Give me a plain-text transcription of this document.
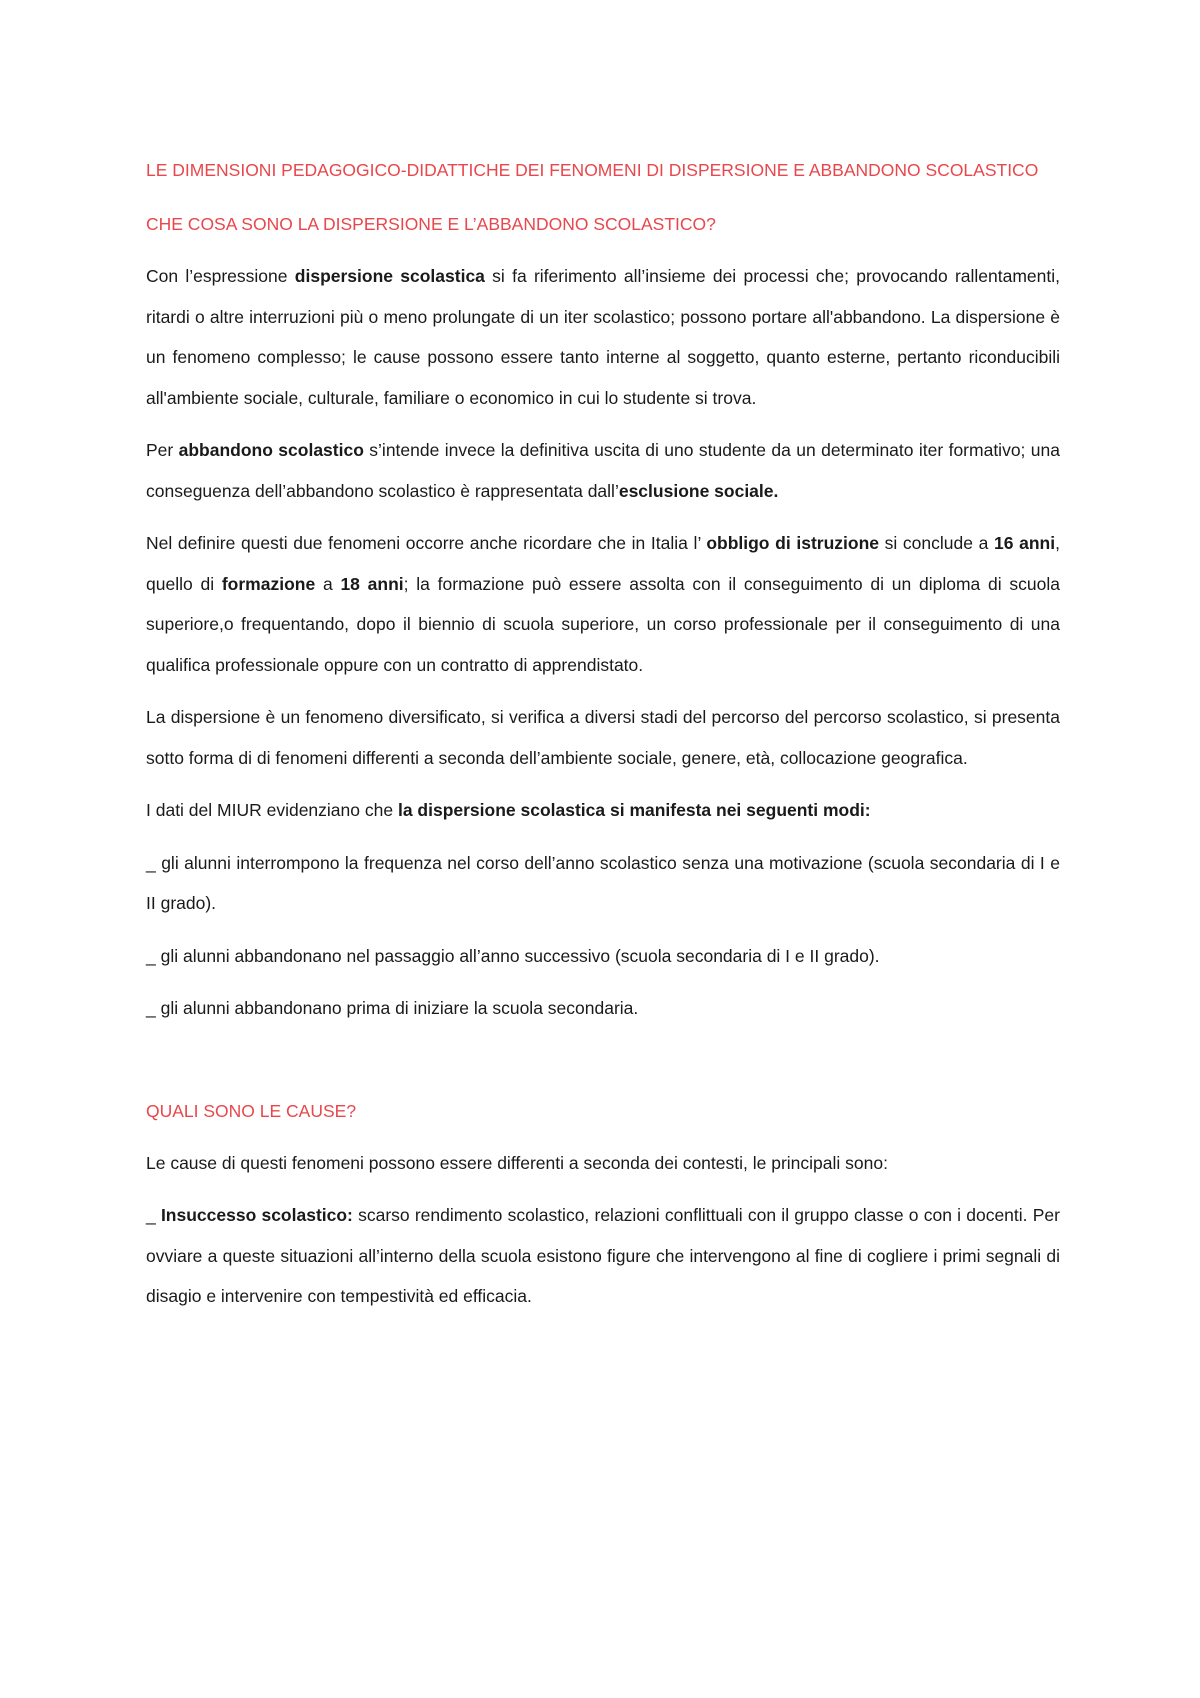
LE DIMENSIONI PEDAGOGICO-DIDATTICHE DEI FENOMENI DI DISPERSIONE E ABBANDONO SCOLASTICO
CHE COSA SONO LA DISPERSIONE E L’ABBANDONO SCOLASTICO?

Con l’espressione dispersione scolastica si fa riferimento all’insieme dei processi che; provocando rallentamenti, ritardi o altre interruzioni più o meno prolungate di un iter scolastico; possono portare all'abbandono. La dispersione è un fenomeno complesso; le cause possono essere tanto interne al soggetto, quanto esterne, pertanto riconducibili all'ambiente sociale, culturale, familiare o economico in cui lo studente si trova.

Per abbandono scolastico s’intende invece la definitiva uscita di uno studente da un determinato iter formativo; una conseguenza dell’abbandono scolastico è rappresentata dall’esclusione sociale.

Nel definire questi due fenomeni occorre anche ricordare che in Italia l’ obbligo di istruzione si conclude a 16 anni, quello di formazione a 18 anni; la formazione può essere assolta con il conseguimento di un diploma di scuola superiore,o frequentando, dopo il biennio di scuola superiore, un corso professionale per il conseguimento di una qualifica professionale oppure con un contratto di apprendistato.

La dispersione è un fenomeno diversificato, si verifica a diversi stadi del percorso del percorso scolastico, si presenta sotto forma di di fenomeni differenti a seconda dell’ambiente sociale, genere, età, collocazione geografica.

I dati del MIUR evidenziano che la dispersione scolastica si manifesta nei seguenti modi:

_ gli alunni interrompono la frequenza nel corso dell’anno scolastico senza una motivazione (scuola secondaria di I e II grado).

_ gli alunni abbandonano nel passaggio all’anno successivo (scuola secondaria di I e II grado).

_ gli alunni abbandonano prima di iniziare la scuola secondaria.

QUALI SONO LE CAUSE?

Le cause di questi fenomeni possono essere differenti a seconda dei contesti, le principali sono:

_ Insuccesso scolastico: scarso rendimento scolastico, relazioni conflittuali con il gruppo classe o con i docenti. Per ovviare a queste situazioni all’interno della scuola esistono figure che intervengono al fine di cogliere i primi segnali di disagio e intervenire con tempestività ed efficacia.
